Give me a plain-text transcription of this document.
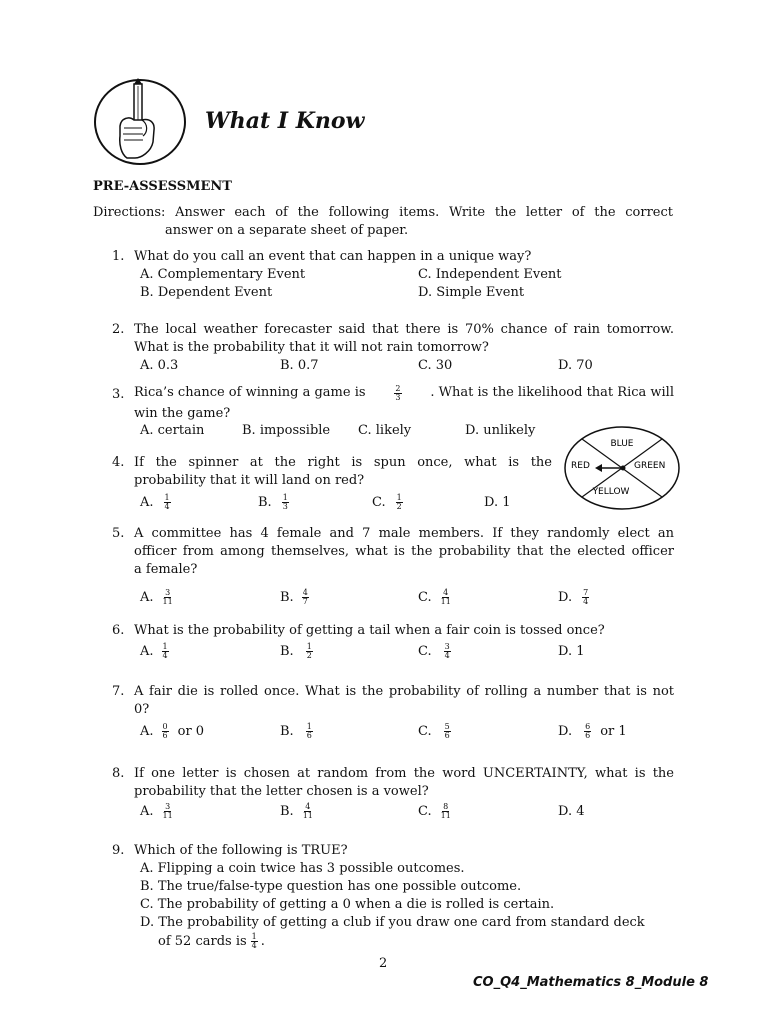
What I Know
PRE-ASSESSMENT
Directions: Answer each of the following items. Write the letter of the correct
answer on a separate sheet of paper.
1. What do you call an event that can happen in a unique way?
A. Complementary Event	C. Independent Event
B. Dependent Event	D. Simple Event
2. The local weather forecaster said that there is 70% chance of rain tomorrow.
What is the probability that it will not rain tomorrow?
A. 0.3	B. 0.7	C. 30	D. 70
3. Rica’s chance of winning a game is	$\frac{2}{3}$ . What is the likelihood that Rica will
win the game?
A. certain	B. impossible C. likely	D. unlikely
BLUE
RED	GREEN
YELLOW
4. If the spinner at the right is spun once, what is the
probability that it will land on red?
A. $\frac{1}{4}$	B. $\frac{1}{3}$	C. $\frac{1}{2}$	D. 1
5. A committee has 4 female and 7 male members. If they randomly elect an
officer from among themselves, what is the probability that the elected officer
a female?
A. $\frac{3}{11}$	B. $\frac{4}{7}$	C. $\frac{4}{11}$	D. $\frac{7}{4}$
6. What is the probability of getting a tail when a fair coin is tossed once?
A. $\frac{1}{4}$	B. $\frac{1}{2}$	C. $\frac{3}{4}$	D. 1
7. A fair die is rolled once. What is the probability of rolling a number that is not
0?
A. $\frac{0}{6}$ or 0	B. $\frac{1}{6}$	C. $\frac{5}{6}$	D. $\frac{6}{6}$ or 1
8. If one letter is chosen at random from the word UNCERTAINTY, what is the
probability that the letter chosen is a vowel?
A. $\frac{3}{11}$	B. $\frac{4}{11}$	C. $\frac{8}{11}$	D. 4
9. Which of the following is TRUE?
A. Flipping a coin twice has 3 possible outcomes.
B. The true/false-type question has one possible outcome.
C. The probability of getting a 0 when a die is rolled is certain.
D. The probability of getting a club if you draw one card from standard deck
of 52 cards is $\frac{1}{4}$ .
2
CO_Q4_Mathematics 8_Module 8
